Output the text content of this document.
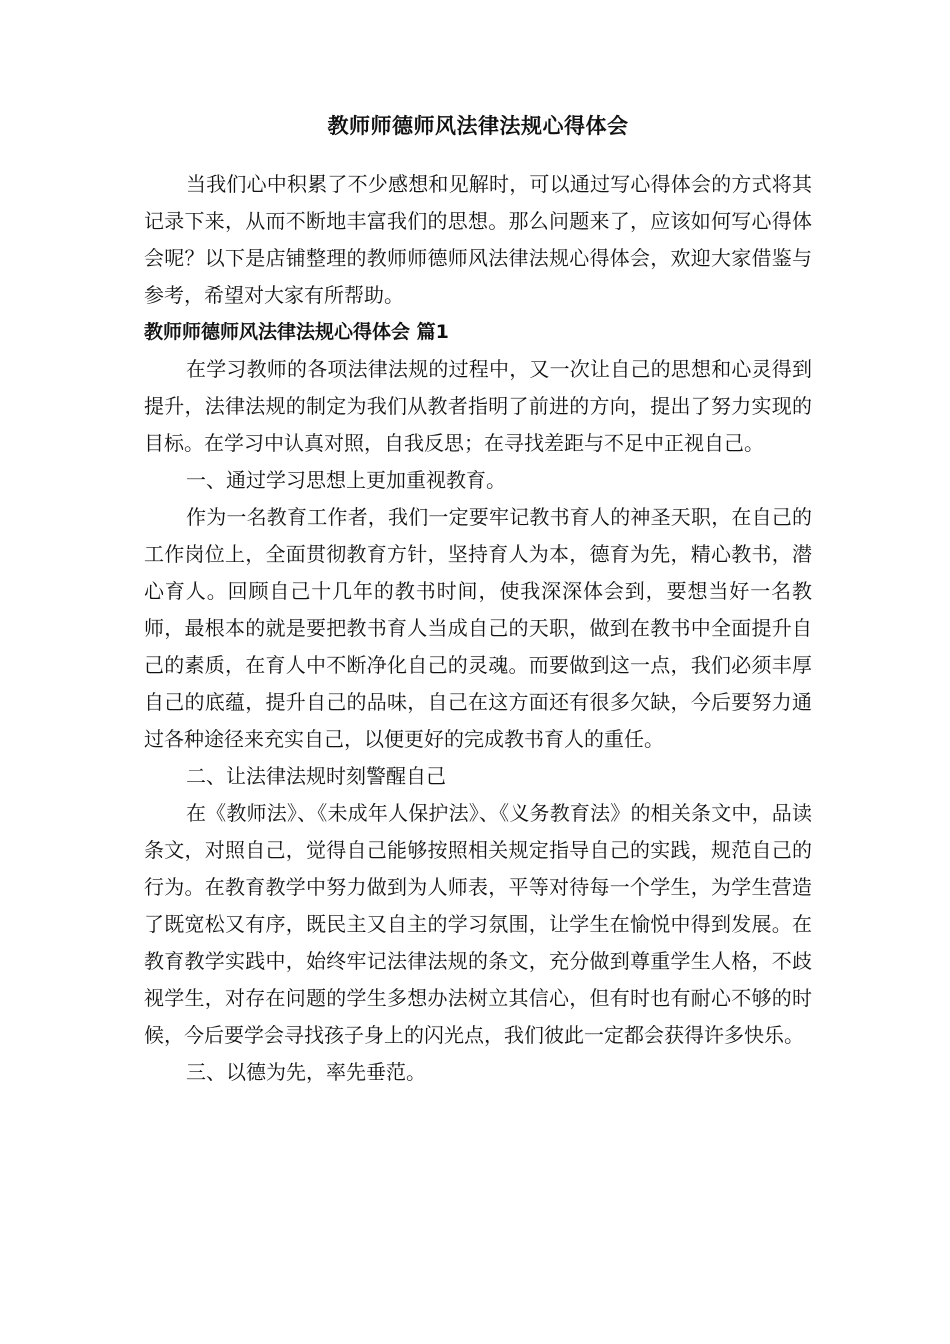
教师师德师风法律法规心得体会

当我们心中积累了不少感想和见解时，可以通过写心得体会的方式将其记录下来，从而不断地丰富我们的思想。那么问题来了，应该如何写心得体会呢？以下是店铺整理的教师师德师风法律法规心得体会，欢迎大家借鉴与参考，希望对大家有所帮助。

教师师德师风法律法规心得体会 篇1

在学习教师的各项法律法规的过程中，又一次让自己的思想和心灵得到提升，法律法规的制定为我们从教者指明了前进的方向，提出了努力实现的目标。在学习中认真对照，自我反思；在寻找差距与不足中正视自己。

一、通过学习思想上更加重视教育。

作为一名教育工作者，我们一定要牢记教书育人的神圣天职，在自己的工作岗位上，全面贯彻教育方针，坚持育人为本，德育为先，精心教书，潜心育人。回顾自己十几年的教书时间，使我深深体会到，要想当好一名教师，最根本的就是要把教书育人当成自己的天职，做到在教书中全面提升自己的素质，在育人中不断净化自己的灵魂。而要做到这一点，我们必须丰厚自己的底蕴，提升自己的品味，自己在这方面还有很多欠缺，今后要努力通过各种途径来充实自己，以便更好的完成教书育人的重任。

二、让法律法规时刻警醒自己

在《教师法》、《未成年人保护法》、《义务教育法》的相关条文中，品读条文，对照自己，觉得自己能够按照相关规定指导自己的实践，规范自己的行为。在教育教学中努力做到为人师表，平等对待每一个学生，为学生营造了既宽松又有序，既民主又自主的学习氛围，让学生在愉悦中得到发展。在教育教学实践中，始终牢记法律法规的条文，充分做到尊重学生人格，不歧视学生，对存在问题的学生多想办法树立其信心，但有时也有耐心不够的时候，今后要学会寻找孩子身上的闪光点，我们彼此一定都会获得许多快乐。

三、以德为先，率先垂范。
